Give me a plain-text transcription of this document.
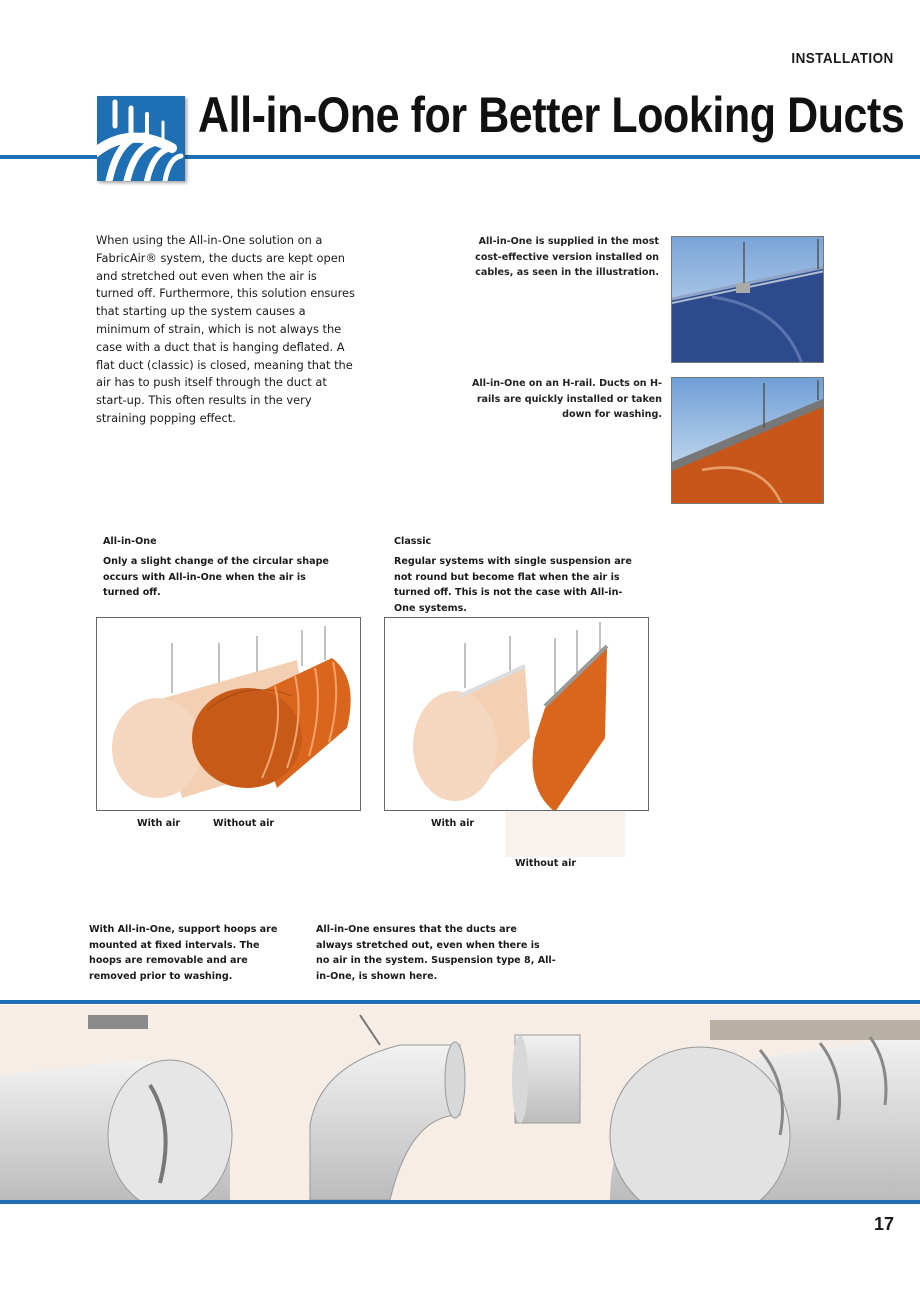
INSTALLATION
All-in-One for Better Looking Ducts
When using the All-in-One solution on a FabricAir® system, the ducts are kept open and stretched out even when the air is turned off. Furthermore, this solution ensures that starting up the system causes a minimum of strain, which is not always the case with a duct that is hanging deflated. A flat duct (classic) is closed, meaning that the air has to push itself through the duct at start-up. This often results in the very straining popping effect.
All-in-One is supplied in the most cost-effective version installed on cables, as seen in the illustration.
All-in-One on an H-rail. Ducts on H-rails are quickly installed or taken down for washing.
All-in-One
Only a slight change of the circular shape occurs with All-in-One when the air is turned off.
With air	Without air
Classic
Regular systems with single suspension are not round but become flat when the air is turned off. This is not the case with All-in-One systems.
With air
Without air
With All-in-One, support hoops are mounted at fixed intervals. The hoops are removable and are removed prior to washing.
All-in-One ensures that the ducts are always stretched out, even when there is no air in the system. Suspension type 8, All-in-One, is shown here.
17
